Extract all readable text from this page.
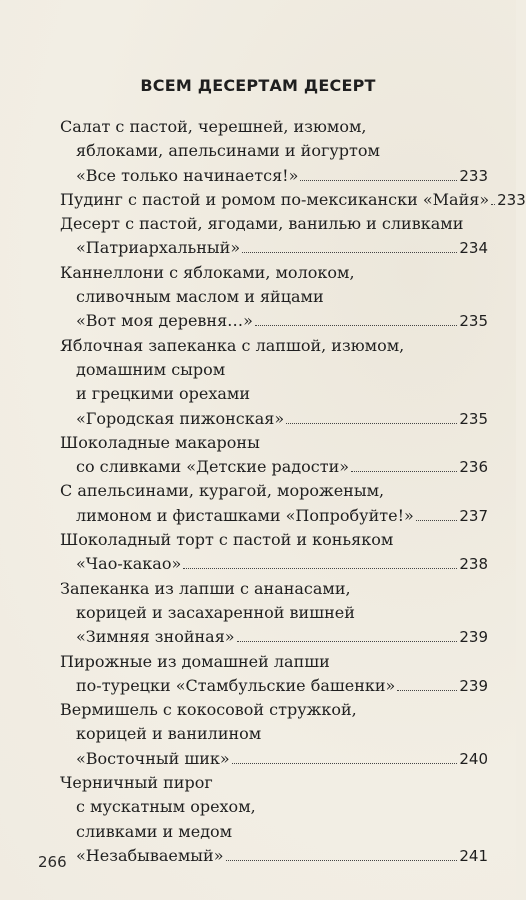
ВСЕМ ДЕСЕРТАМ ДЕСЕРТ
Салат с пастой, черешней, изюмом,
яблоками, апельсинами и йогуртом
«Все только начинается!»	233
Пудинг с пастой и ромом по-мексикански «Майя» 233
Десерт с пастой, ягодами, ванилью и сливками
«Патриархальный»	234
Каннеллони с яблоками, молоком,
сливочным маслом и яйцами
«Вот моя деревня…»	235
Яблочная запеканка с лапшой, изюмом,
домашним сыром
и грецкими орехами
«Городская пижонская»	235
Шоколадные макароны
со сливками «Детские радости»	236
С апельсинами, курагой, мороженым,
лимоном и фисташками «Попробуйте!»	237
Шоколадный торт с пастой и коньяком
«Чао-какао»	238
Запеканка из лапши с ананасами,
корицей и засахаренной вишней
«Зимняя знойная»	239
Пирожные из домашней лапши
по-турецки «Стамбульские башенки»	239
Вермишель с кокосовой стружкой,
корицей и ванилином
«Восточный шик»	240
Черничный пирог
с мускатным орехом,
сливками и медом
«Незабываемый»	241
266
